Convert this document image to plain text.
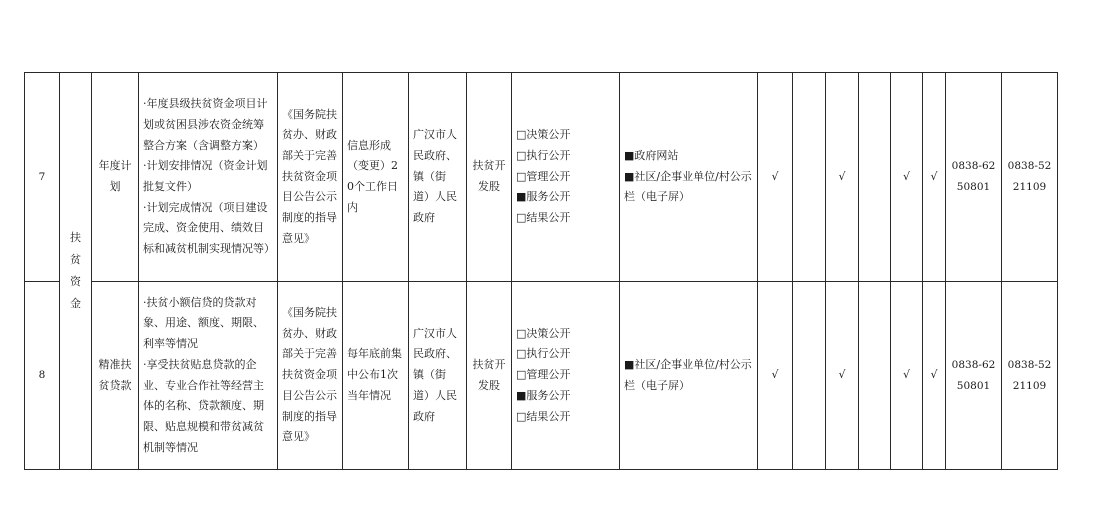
7	扶贫资金	年度计划	·年度县级扶贫资金项目计划或贫困县涉农资金统筹整合方案（含调整方案）
·计划安排情况（资金计划批复文件）
·计划完成情况（项目建设完成、资金使用、绩效目标和减贫机制实现情况等）	《国务院扶贫办、财政部关于完善扶贫资金项目公告公示制度的指导意见》	信息形成（变更）20个工作日内	广汉市人民政府、镇（街道）人民政府	扶贫开发股	□决策公开
□执行公开
□管理公开
■服务公开
□结果公开	■政府网站
■社区/企事业单位/村公示栏（电子屏）	√		√		√	√	0838-62
50801	0838-52
21109

8		精准扶贫贷款	·扶贫小额信贷的贷款对象、用途、额度、期限、利率等情况
·享受扶贫贴息贷款的企业、专业合作社等经营主体的名称、贷款额度、期限、贴息规模和带贫减贫机制等情况	《国务院扶贫办、财政部关于完善扶贫资金项目公告公示制度的指导意见》	每年底前集中公布1次当年情况	广汉市人民政府、镇（街道）人民政府	扶贫开发股	□决策公开
□执行公开
□管理公开
■服务公开
□结果公开	■社区/企事业单位/村公示栏（电子屏）	√		√		√	√	0838-62
50801	0838-52
21109
